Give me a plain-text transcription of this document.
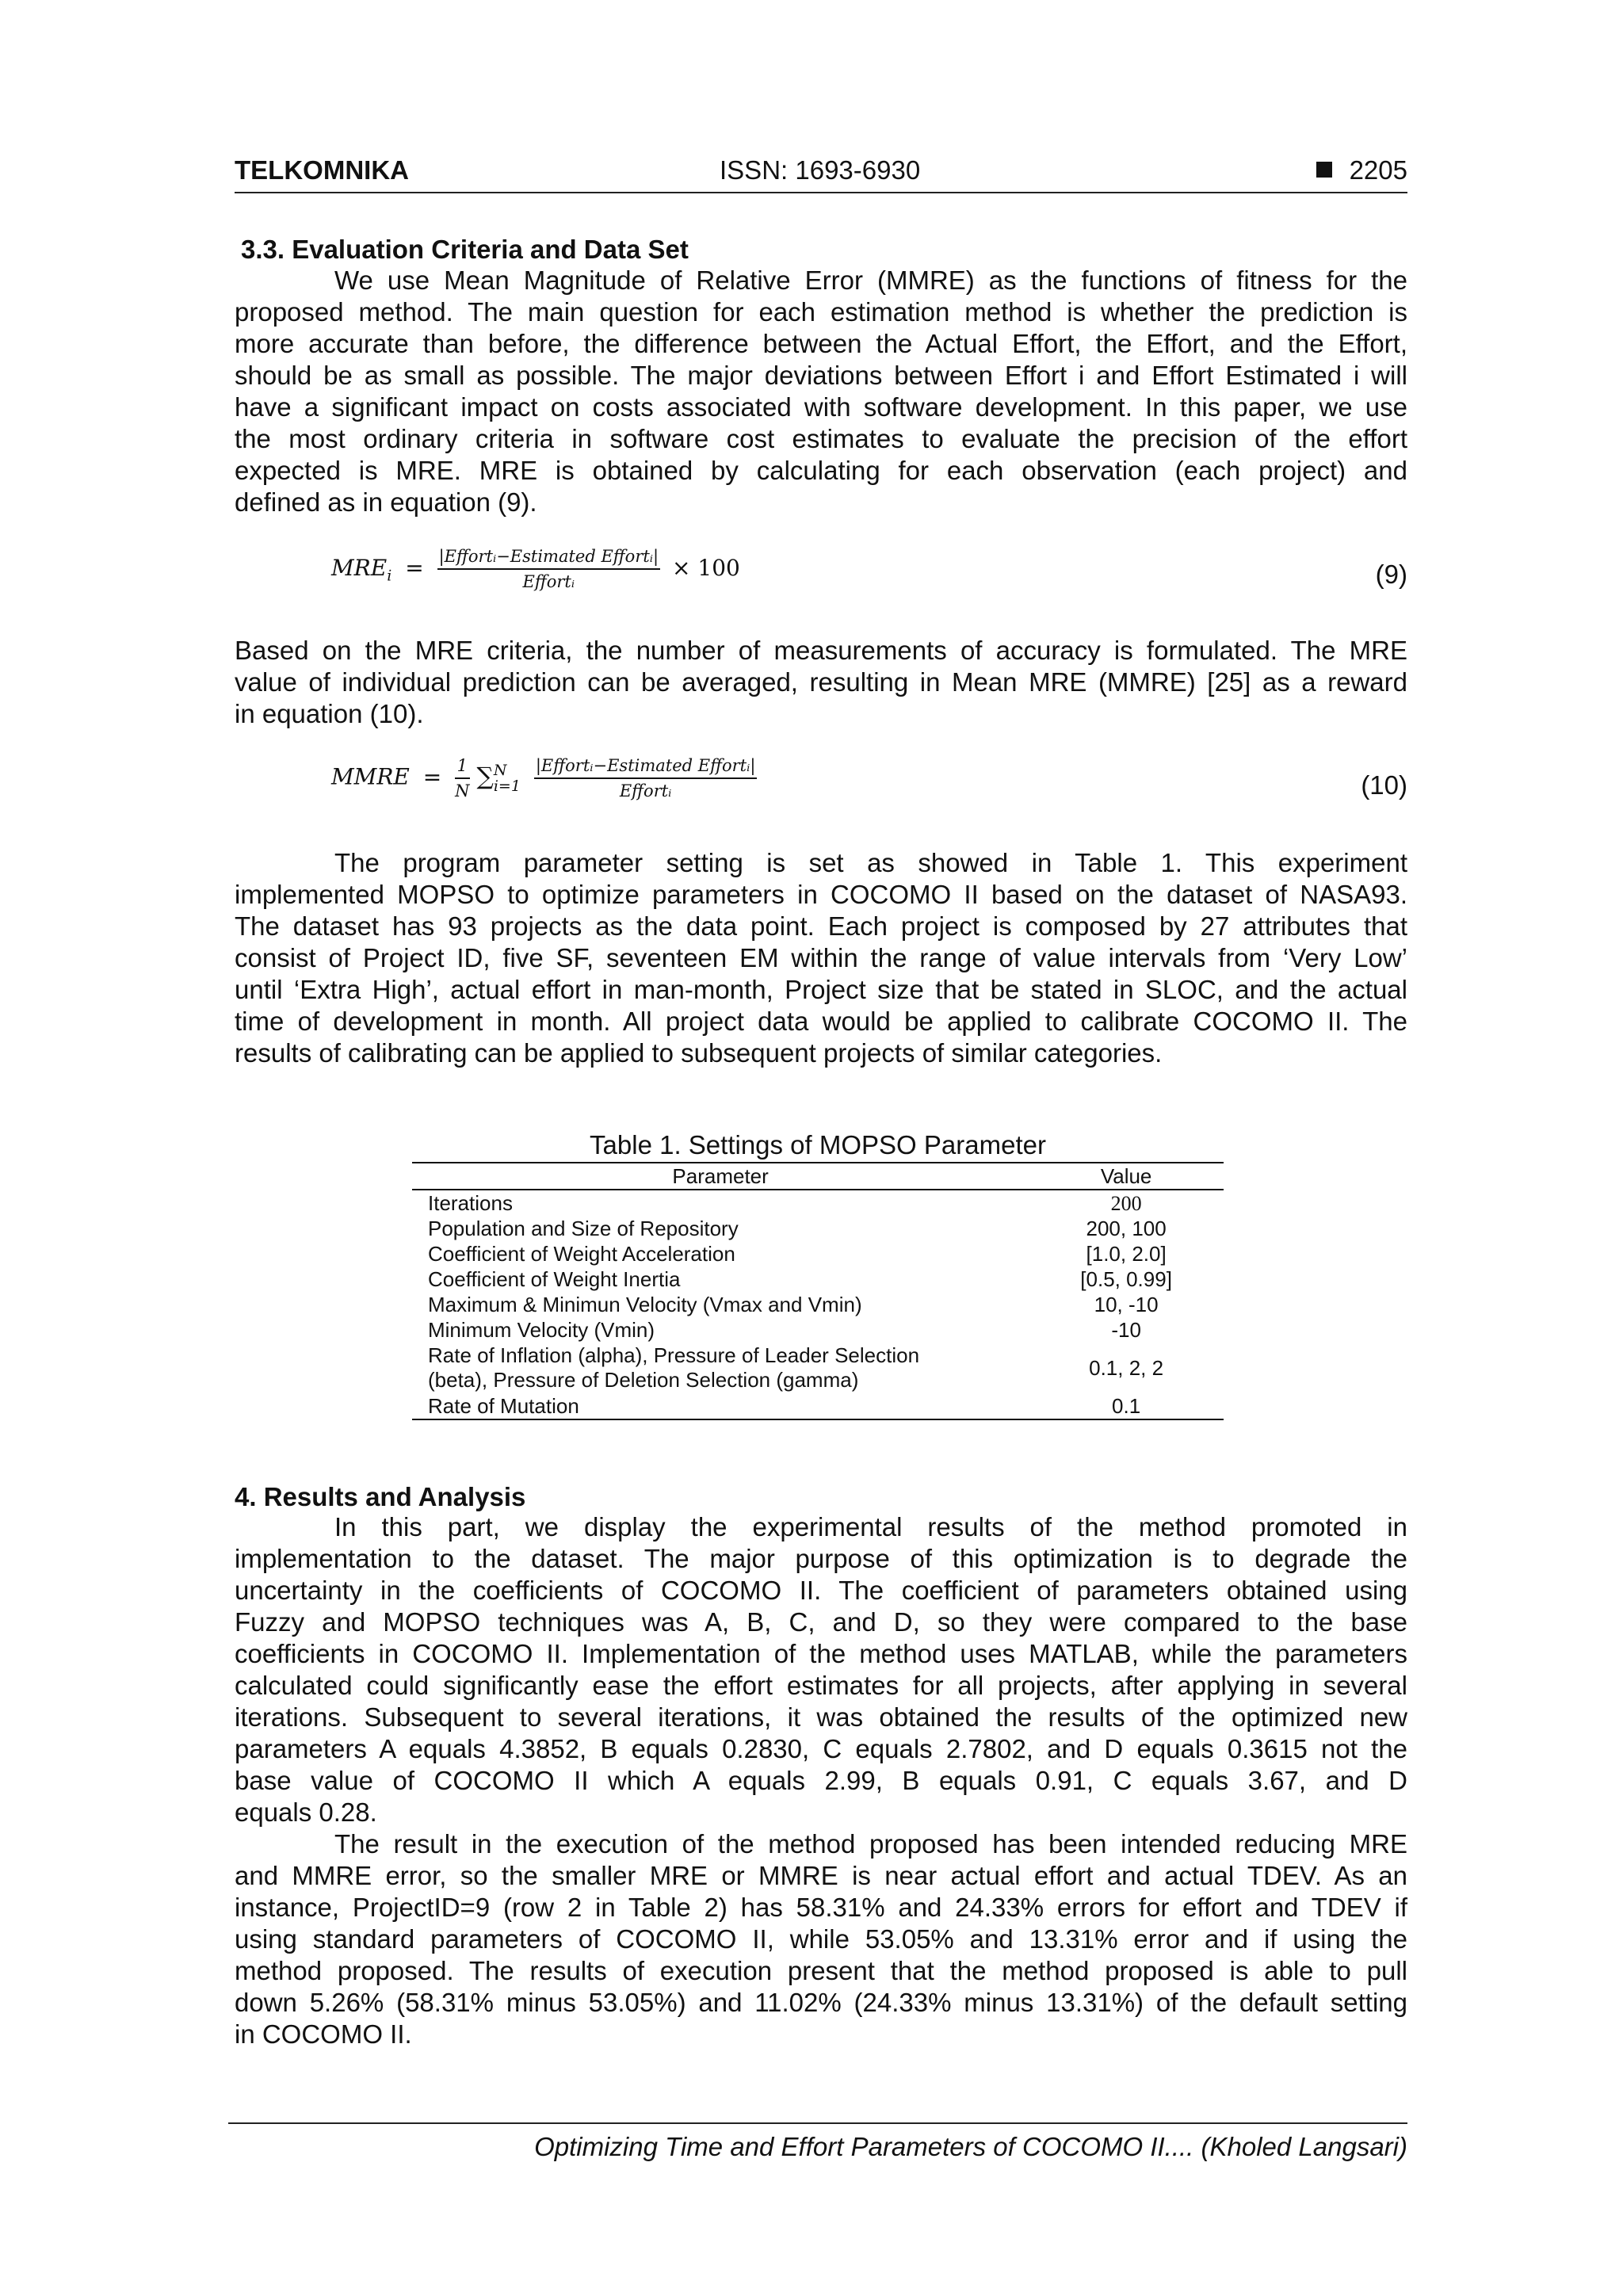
TELKOMNIKA	ISSN: 1693-6930	2205
3.3. Evaluation Criteria and Data Set
We use Mean Magnitude of Relative Error (MMRE) as the functions of fitness for the
proposed method. The main question for each estimation method is whether the prediction is
more accurate than before, the difference between the Actual Effort, the Effort, and the Effort,
should be as small as possible. The major deviations between Effort i and Effort Estimated i will
have a significant impact on costs associated with software development. In this paper, we use
the most ordinary criteria in software cost estimates to evaluate the precision of the effort
expected is MRE. MRE is obtained by calculating for each observation (each project) and
defined as in equation (9).
$MRE_i = \frac{\text{|Effortᵢ−Estimated Effortᵢ|}}{\text{Effortᵢ}} \times 100$	(9)
Based on the MRE criteria, the number of measurements of accuracy is formulated. The MRE
value of individual prediction can be averaged, resulting in Mean MRE (MMRE) [25] as a reward
in equation (10).
MMRE = $\frac{1}{N}$ ∑ N
i=1
$\frac{\text{|Effortᵢ−Estimated Effortᵢ|}}{\text{Effortᵢ}}$	(10)
The program parameter setting is set as showed in Table 1. This experiment
implemented MOPSO to optimize parameters in COCOMO II based on the dataset of NASA93.
The dataset has 93 projects as the data point. Each project is composed by 27 attributes that
consist of Project ID, five SF, seventeen EM within the range of value intervals from ‘Very Low’
until ‘Extra High’, actual effort in man-month, Project size that be stated in SLOC, and the actual
time of development in month. All project data would be applied to calibrate COCOMO II. The
results of calibrating can be applied to subsequent projects of similar categories.
Table 1. Settings of MOPSO Parameter
Parameter	Value
Iterations	200
Population and Size of Repository	200, 100
Coefficient of Weight Acceleration	[1.0, 2.0]
Coefficient of Weight Inertia	[0.5, 0.99]
Maximum & Minimun Velocity (Vmax and Vmin)	10, -10
Minimum Velocity (Vmin)	-10

Rate of Inflation (alpha), Pressure of Leader Selection
(beta), Pressure of Deletion Selection (gamma)	0.1, 2, 2
Rate of Mutation	0.1
4. Results and Analysis
In this part, we display the experimental results of the method promoted in
implementation to the dataset. The major purpose of this optimization is to degrade the
uncertainty in the coefficients of COCOMO II. The coefficient of parameters obtained using
Fuzzy and MOPSO techniques was A, B, C, and D, so they were compared to the base
coefficients in COCOMO II. Implementation of the method uses MATLAB, while the parameters
calculated could significantly ease the effort estimates for all projects, after applying in several
iterations. Subsequent to several iterations, it was obtained the results of the optimized new
parameters A equals 4.3852, B equals 0.2830, C equals 2.7802, and D equals 0.3615 not the
base value of COCOMO II which A equals 2.99, B equals 0.91, C equals 3.67, and D
equals 0.28.
The result in the execution of the method proposed has been intended reducing MRE
and MMRE error, so the smaller MRE or MMRE is near actual effort and actual TDEV. As an
instance, ProjectID=9 (row 2 in Table 2) has 58.31% and 24.33% errors for effort and TDEV if
using standard parameters of COCOMO II, while 53.05% and 13.31% error and if using the
method proposed. The results of execution present that the method proposed is able to pull
down 5.26% (58.31% minus 53.05%) and 11.02% (24.33% minus 13.31%) of the default setting
in COCOMO II.
Optimizing Time and Effort Parameters of COCOMO II.... (Kholed Langsari)
